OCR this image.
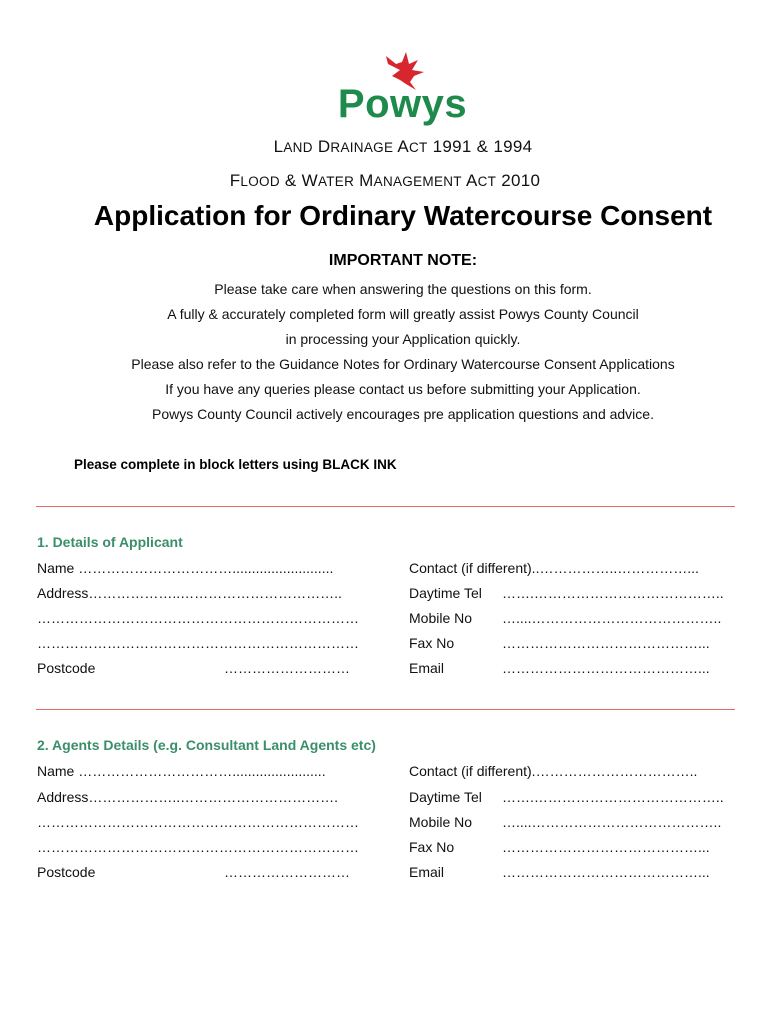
Powys
LAND DRAINAGE ACT 1991 & 1994
FLOOD & WATER MANAGEMENT ACT 2010
Application for Ordinary Watercourse Consent
IMPORTANT NOTE:
Please take care when answering the questions on this form.
A fully & accurately completed form will greatly assist Powys County Council
in processing your Application quickly.
Please also refer to the Guidance Notes for Ordinary Watercourse Consent Applications
If you have any queries please contact us before submitting your Application.
Powys County Council actively encourages pre application questions and advice.
Please complete in block letters using BLACK INK
1. Details of Applicant
Name ……………………………..........................
Address………………..……………………………..
……………………………………………………………
……………………………………………………………
Postcode	………………………
Contact (if different)..……………..……………...
Daytime Tel …….…………………………………..
Mobile No …....…………………………………..
Fax No	……………………………………...
Email	……………………………………...
2. Agents Details (e.g. Consultant Land Agents etc)
Name ……………………………........................
Address………………..…………………………….
……………………………………………………………
……………………………………………………………
Postcode	………………………
Contact (if different).……………………………..
Daytime Tel …….…………………………………..
Mobile No …....…………………………………..
Fax No	……………………………………...
Email	……………………………………...
